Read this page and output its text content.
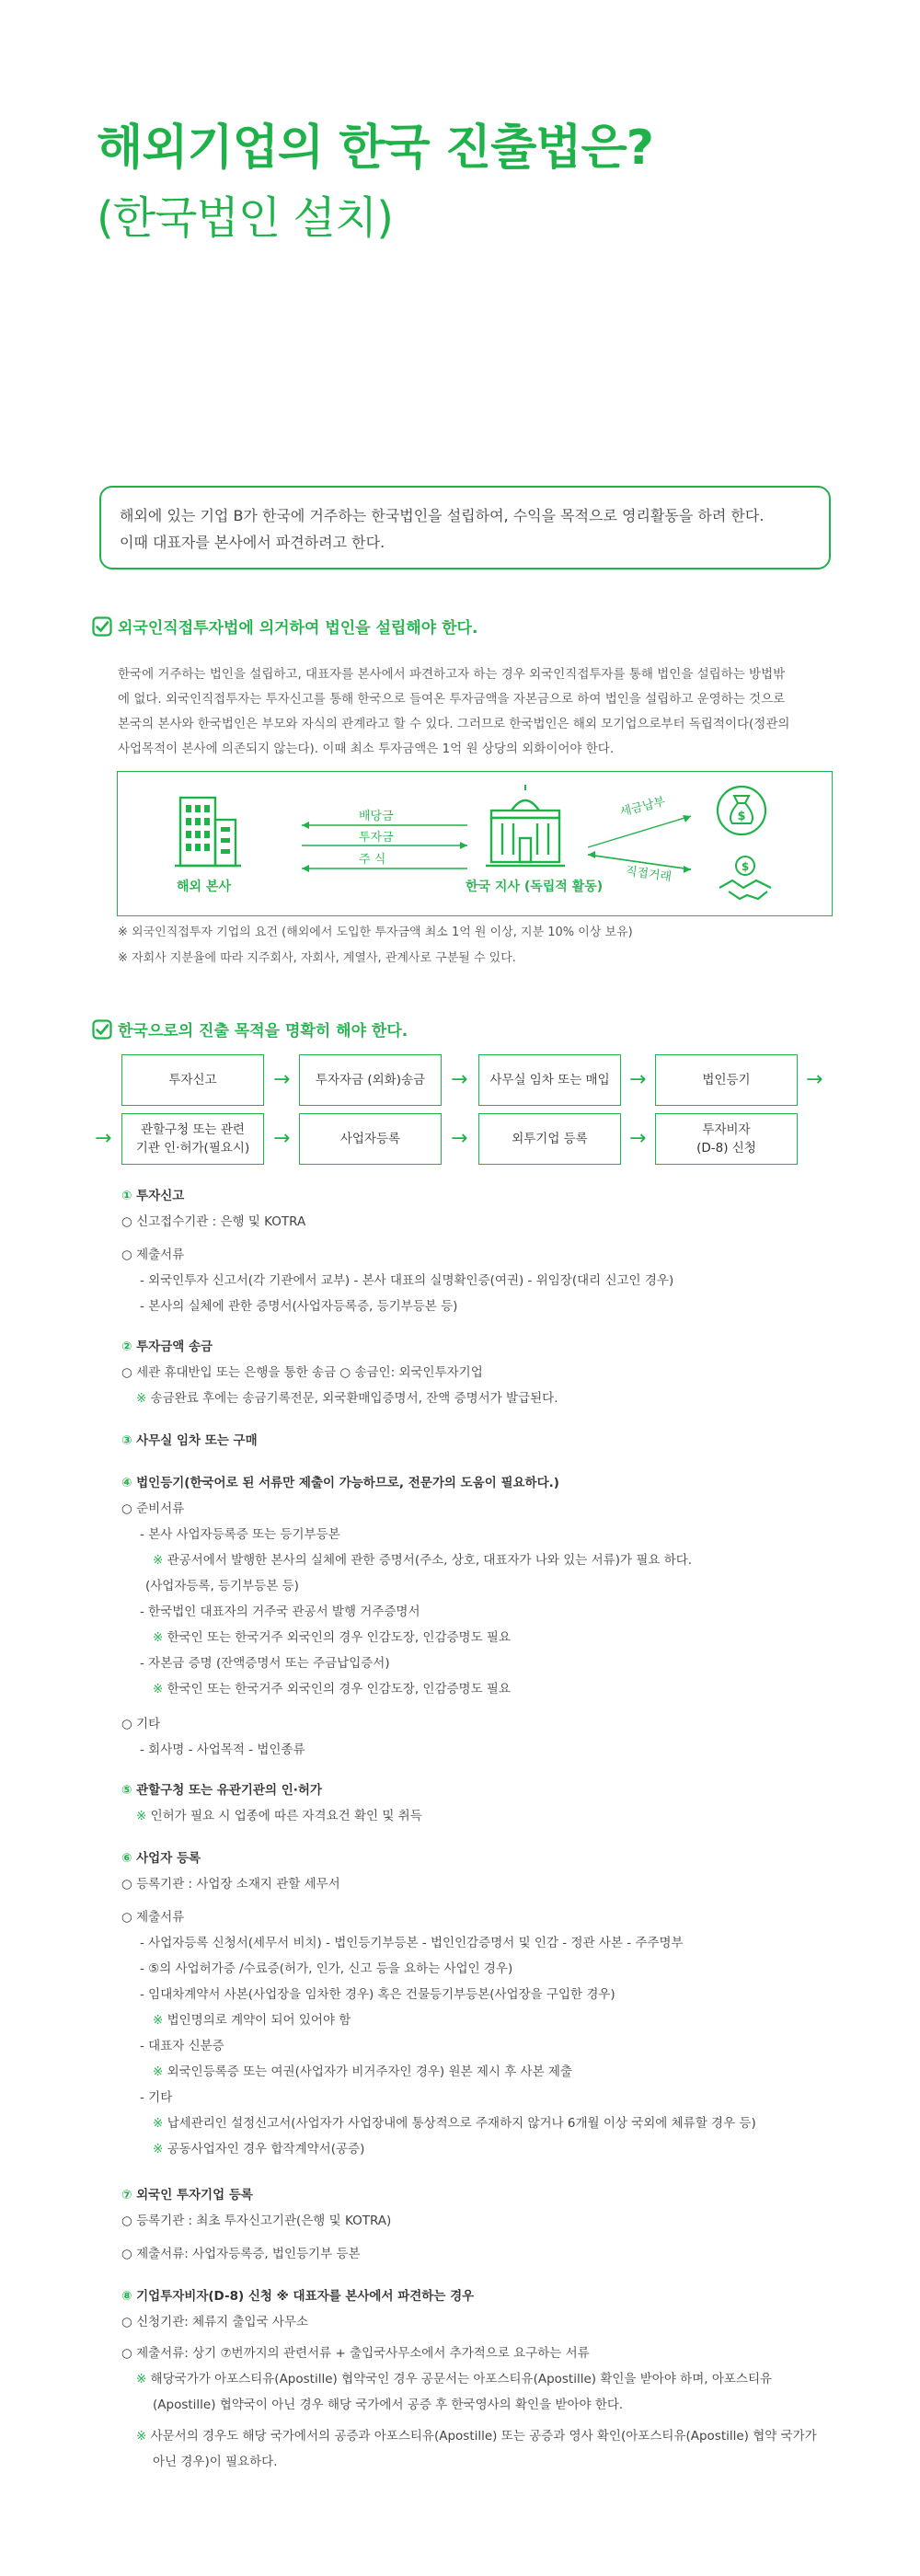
해외기업의 한국 진출법은?
(한국법인 설치)
해외에 있는 기업 B가 한국에 거주하는 한국법인을 설립하여, 수익을 목적으로 영리활동을 하려 한다.
이때 대표자를 본사에서 파견하려고 한다.
외국인직접투자법에 의거하여 법인을 설립해야 한다.
한국에 거주하는 법인을 설립하고, 대표자를 본사에서 파견하고자 하는 경우 외국인직접투자를 통해 법인을 설립하는 방법밖
에 없다. 외국인직접투자는 투자신고를 통해 한국으로 들여온 투자금액을 자본금으로 하여 법인을 설립하고 운영하는 것으로
본국의 본사와 한국법인은 부모와 자식의 관계라고 할 수 있다. 그러므로 한국법인은 해외 모기업으로부터 독립적이다(정관의
사업목적이 본사에 의존되지 않는다). 이때 최소 투자금액은 1억 원 상당의 외화이어야 한다.
해외 본사
배당금
투자금
주 식
한국 지사 (독립적 활동)
세금납부
직접거래
$
$
※ 외국인직접투자 기업의 요건 (해외에서 도입한 투자금액 최소 1억 원 이상, 지분 10% 이상 보유)
※ 자회사 지분율에 따라 지주회사, 자회사, 계열사, 관계사로 구분될 수 있다.
한국으로의 진출 목적을 명확히 해야 한다.
투자신고	→ 투자자금 (외화)송금 → 사무실 임차 또는 매입 →	법인등기	→
→	관할구청 또는 관련
기관 인·허가(필요시) →	사업자등록 →	외투기업 등록 →	투자비자
(D-8) 신청
① 투자신고
○ 신고접수기관 : 은행 및 KOTRA
○ 제출서류
- 외국인투자 신고서(각 기관에서 교부) - 본사 대표의 실명확인증(여권) - 위임장(대리 신고인 경우)
- 본사의 실체에 관한 증명서(사업자등록증, 등기부등본 등)
② 투자금액 송금
○ 세관 휴대반입 또는 은행을 통한 송금 ○ 송금인: 외국인투자기업
※ 송금완료 후에는 송금기록전문, 외국환매입증명서, 잔액 증명서가 발급된다.
③ 사무실 임차 또는 구매
④ 법인등기(한국어로 된 서류만 제출이 가능하므로, 전문가의 도움이 필요하다.)
○ 준비서류
- 본사 사업자등록증 또는 등기부등본
※ 관공서에서 발행한 본사의 실체에 관한 증명서(주소, 상호, 대표자가 나와 있는 서류)가 필요 하다.
(사업자등록, 등기부등본 등)
- 한국법인 대표자의 거주국 관공서 발행 거주증명서
※ 한국인 또는 한국거주 외국인의 경우 인감도장, 인감증명도 필요
- 자본금 증명 (잔액증명서 또는 주금납입증서)
※ 한국인 또는 한국거주 외국인의 경우 인감도장, 인감증명도 필요
○ 기타
- 회사명 - 사업목적 - 법인종류
⑤ 관할구청 또는 유관기관의 인·허가
※ 인허가 필요 시 업종에 따른 자격요건 확인 및 취득
⑥ 사업자 등록
○ 등록기관 : 사업장 소재지 관할 세무서
○ 제출서류
- 사업자등록 신청서(세무서 비치) - 법인등기부등본 - 법인인감증명서 및 인감 - 정관 사본 - 주주명부
- ⑤의 사업허가증 /수료증(허가, 인가, 신고 등을 요하는 사업인 경우)
- 임대차계약서 사본(사업장을 임차한 경우) 혹은 건물등기부등본(사업장을 구입한 경우)
※ 법인명의로 계약이 되어 있어야 함
- 대표자 신분증
※ 외국인등록증 또는 여권(사업자가 비거주자인 경우) 원본 제시 후 사본 제출
- 기타
※ 납세관리인 설정신고서(사업자가 사업장내에 통상적으로 주재하지 않거나 6개월 이상 국외에 체류할 경우 등)
※ 공동사업자인 경우 합작계약서(공증)
⑦ 외국인 투자기업 등록
○ 등록기관 : 최초 투자신고기관(은행 및 KOTRA)
○ 제출서류: 사업자등록증, 법인등기부 등본
⑧ 기업투자비자(D-8) 신청 ※ 대표자를 본사에서 파견하는 경우
○ 신청기관: 체류지 출입국 사무소
○ 제출서류: 상기 ⑦번까지의 관련서류 + 출입국사무소에서 추가적으로 요구하는 서류
※ 해당국가가 아포스티유(Apostille) 협약국인 경우 공문서는 아포스티유(Apostille) 확인을 받아야 하며, 아포스티유
(Apostille) 협약국이 아닌 경우 해당 국가에서 공증 후 한국영사의 확인을 받아야 한다.
※ 사문서의 경우도 해당 국가에서의 공증과 아포스티유(Apostille) 또는 공증과 영사 확인(아포스티유(Apostille) 협약 국가가
아닌 경우)이 필요하다.
